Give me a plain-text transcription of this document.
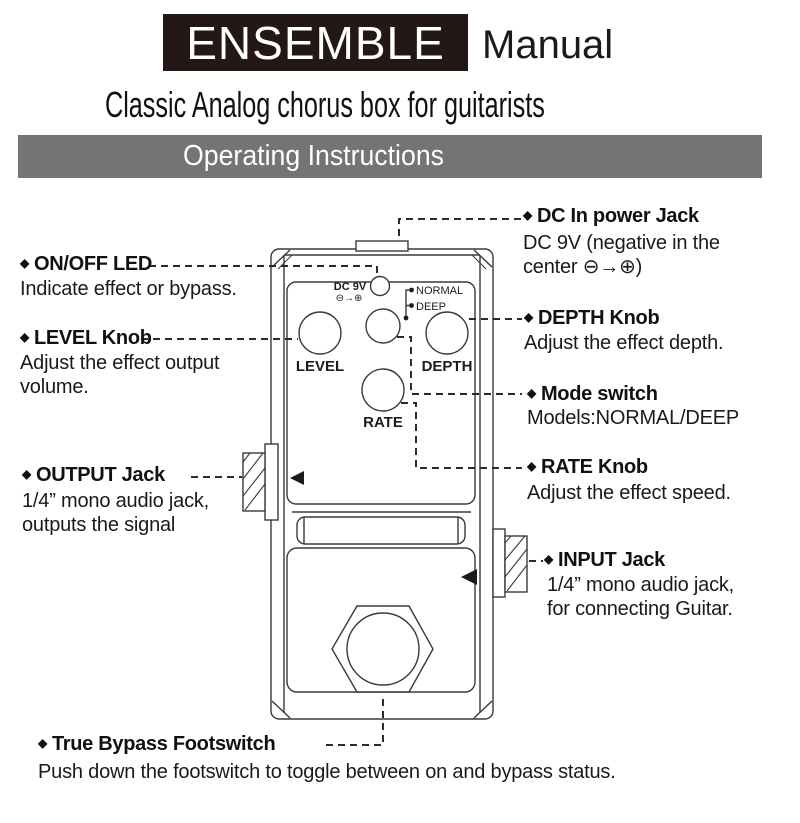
ENSEMBLE Manual
Classic Analog chorus box for guitarists
Operating Instructions
DC 9V
⊖→⊕
NORMAL
DEEP
LEVEL	DEPTH
RATE
◆ DC In power Jack
DC 9V (negative in the
center ⊖→⊕)
◆ ON/OFF LED
Indicate effect or bypass.
◆ LEVEL Knob
Adjust the effect output
volume.
◆ DEPTH Knob
Adjust the effect depth.
◆ Mode switch
Models:NORMAL/DEEP
◆ RATE Knob
Adjust the effect speed.
◆ OUTPUT Jack
1/4” mono audio jack,
outputs the signal
◆ INPUT Jack
1/4” mono audio jack,
for connecting Guitar.
◆ True Bypass Footswitch
Push down the footswitch to toggle between on and bypass status.
